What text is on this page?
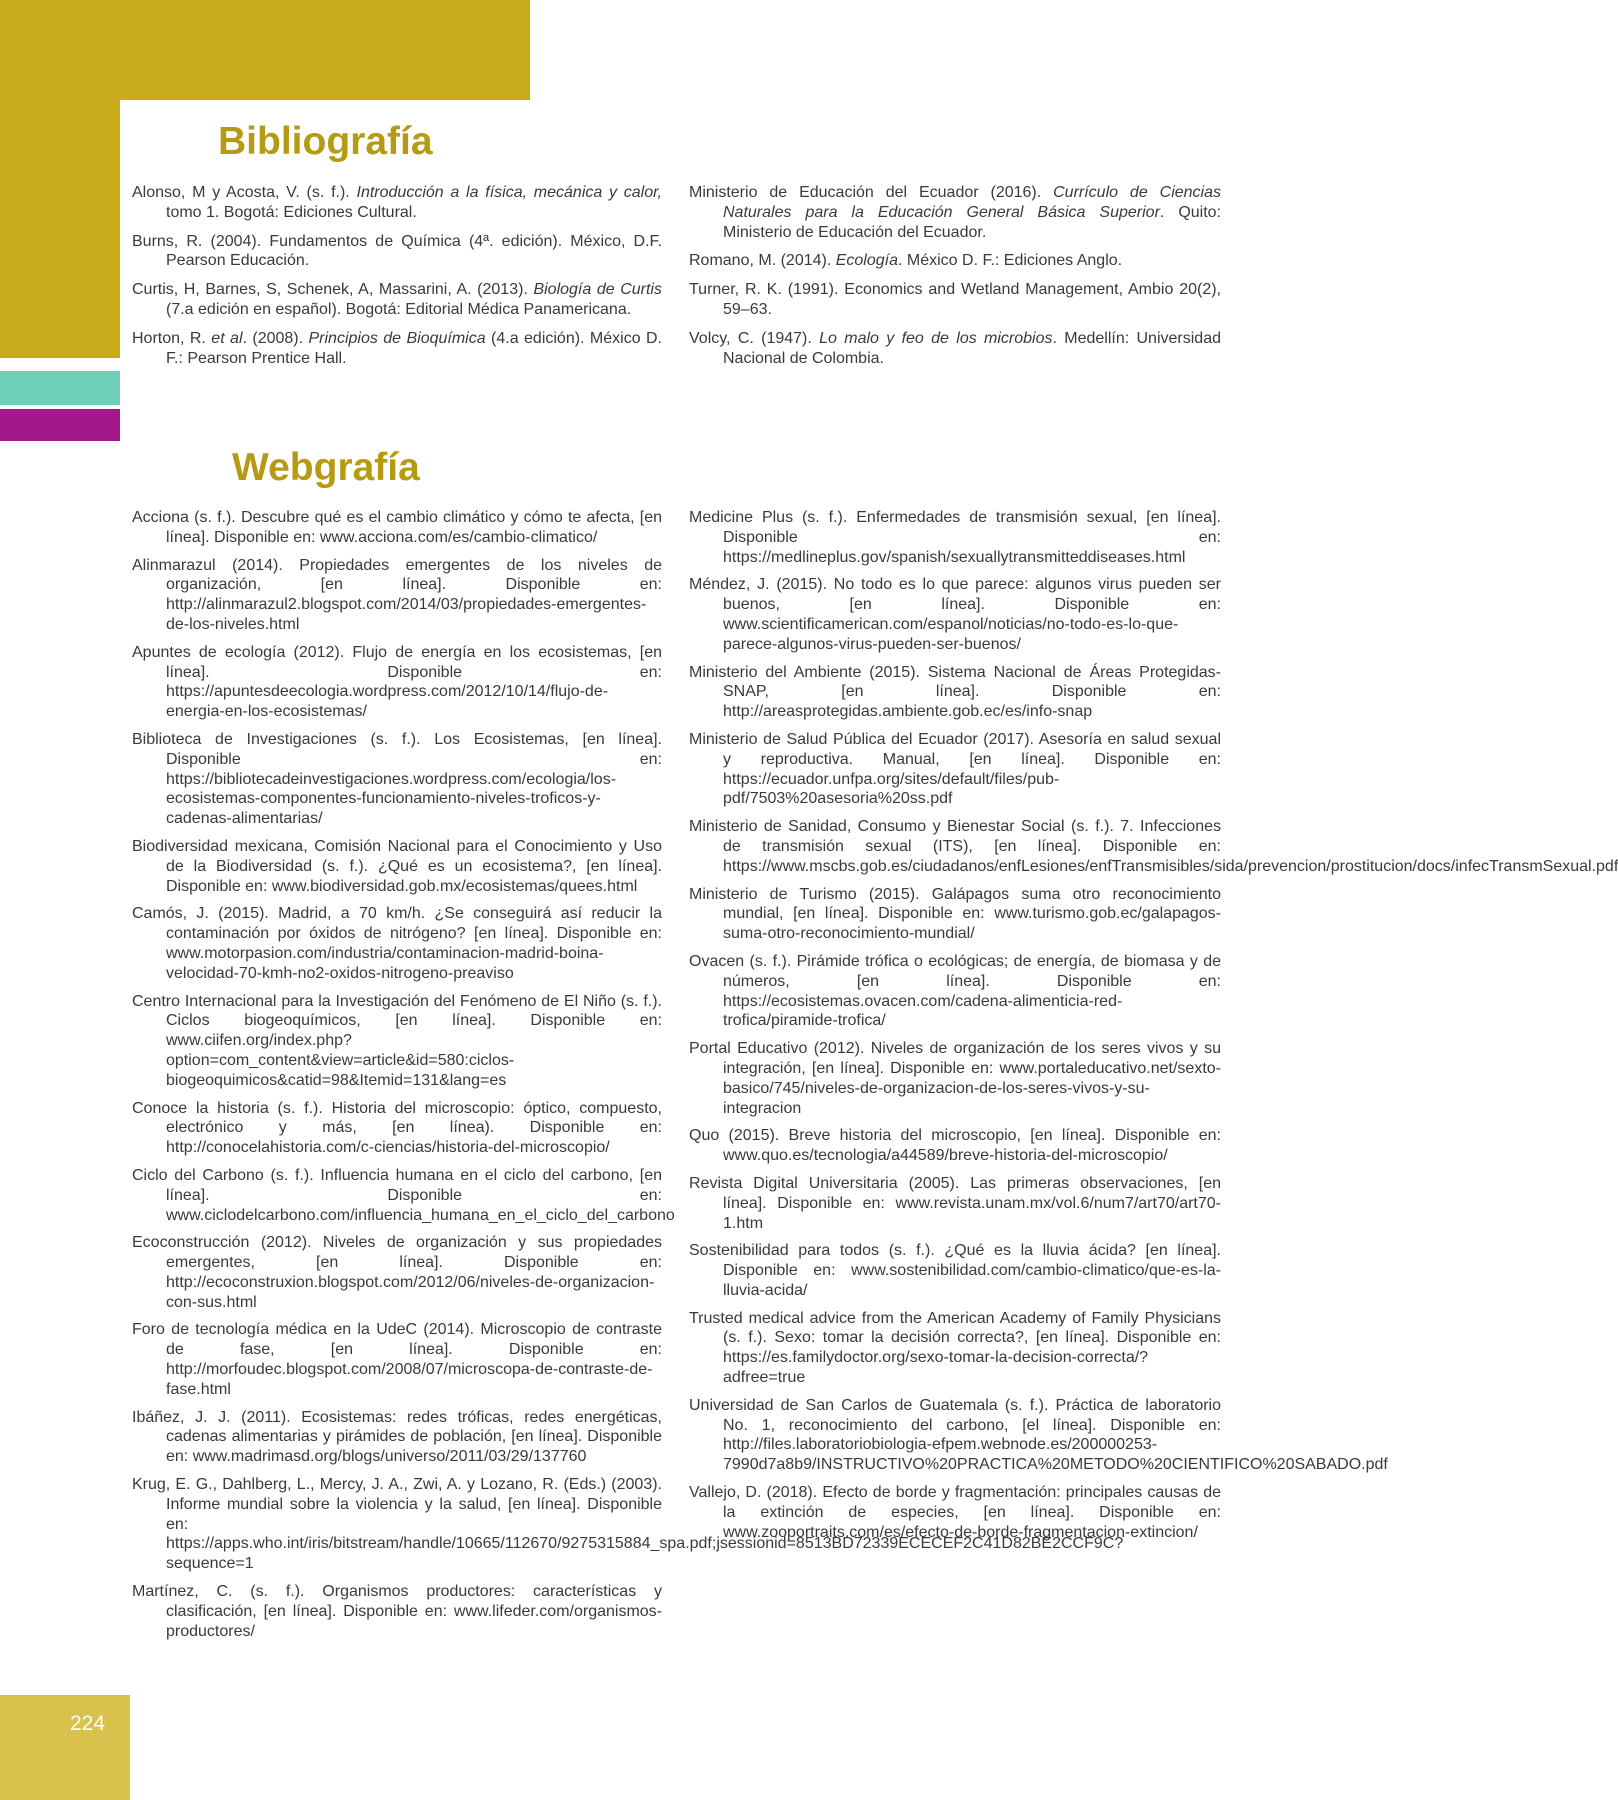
Bibliografía

Alonso, M y Acosta, V. (s. f.). Introducción a la física, mecánica y calor, tomo 1. Bogotá: Ediciones Cultural.

Burns, R. (2004). Fundamentos de Química (4ª. edición). México, D.F. Pearson Educación.

Curtis, H, Barnes, S, Schenek, A, Massarini, A. (2013). Biología de Curtis (7.a edición en español). Bogotá: Editorial Médica Panamericana.

Horton, R. et al. (2008). Principios de Bioquímica (4.a edición). México D. F.: Pearson Prentice Hall.

Ministerio de Educación del Ecuador (2016). Currículo de Ciencias Naturales para la Educación General Básica Superior. Quito: Ministerio de Educación del Ecuador.

Romano, M. (2014). Ecología. México D. F.: Ediciones Anglo.

Turner, R. K. (1991). Economics and Wetland Management, Ambio 20(2), 59–63.

Volcy, C. (1947). Lo malo y feo de los microbios. Medellín: Universidad Nacional de Colombia.

Webgrafía

Acciona (s. f.). Descubre qué es el cambio climático y cómo te afecta, [en línea]. Disponible en: www.acciona.com/es/cambio-climatico/

Alinmarazul (2014). Propiedades emergentes de los niveles de organización, [en línea]. Disponible en: http://alinmarazul2.blogspot.com/2014/03/propiedades-emergentes-de-los-niveles.html

Apuntes de ecología (2012). Flujo de energía en los ecosistemas, [en línea]. Disponible en: https://apuntesdeecologia.wordpress.com/2012/10/14/flujo-de-energia-en-los-ecosistemas/

Biblioteca de Investigaciones (s. f.). Los Ecosistemas, [en línea]. Disponible en: https://bibliotecadeinvestigaciones.wordpress.com/ecologia/los-ecosistemas-componentes-funcionamiento-niveles-troficos-y-cadenas-alimentarias/

Biodiversidad mexicana, Comisión Nacional para el Conocimiento y Uso de la Biodiversidad (s. f.). ¿Qué es un ecosistema?, [en línea]. Disponible en: www.biodiversidad.gob.mx/ecosistemas/quees.html

Camós, J. (2015). Madrid, a 70 km/h. ¿Se conseguirá así reducir la contaminación por óxidos de nitrógeno? [en línea]. Disponible en: www.motorpasion.com/industria/contaminacion-madrid-boina-velocidad-70-kmh-no2-oxidos-nitrogeno-preaviso

Centro Internacional para la Investigación del Fenómeno de El Niño (s. f.). Ciclos biogeoquímicos, [en línea]. Disponible en: www.ciifen.org/index.php?option=com_content&view=article&id=580:ciclos-biogeoquimicos&catid=98&Itemid=131&lang=es

Conoce la historia (s. f.). Historia del microscopio: óptico, compuesto, electrónico y más, [en línea). Disponible en: http://conocelahistoria.com/c-ciencias/historia-del-microscopio/

Ciclo del Carbono (s. f.). Influencia humana en el ciclo del carbono, [en línea]. Disponible en: www.ciclodelcarbono.com/influencia_humana_en_el_ciclo_del_carbono

Ecoconstrucción (2012). Niveles de organización y sus propiedades emergentes, [en línea]. Disponible en: http://ecoconstruxion.blogspot.com/2012/06/niveles-de-organizacion-con-sus.html

Foro de tecnología médica en la UdeC (2014). Microscopio de contraste de fase, [en línea]. Disponible en: http://morfoudec.blogspot.com/2008/07/microscopa-de-contraste-de-fase.html

Ibáñez, J. J. (2011). Ecosistemas: redes tróficas, redes energéticas, cadenas alimentarias y pirámides de población, [en línea]. Disponible en: www.madrimasd.org/blogs/universo/2011/03/29/137760

Krug, E. G., Dahlberg, L., Mercy, J. A., Zwi, A. y Lozano, R. (Eds.) (2003). Informe mundial sobre la violencia y la salud, [en línea]. Disponible en: https://apps.who.int/iris/bitstream/handle/10665/112670/9275315884_spa.pdf;jsessionid=8513BD72339ECECEF2C41D82BE2CCF9C?sequence=1

Martínez, C. (s. f.). Organismos productores: características y clasificación, [en línea]. Disponible en: www.lifeder.com/organismos-productores/

Medicine Plus (s. f.). Enfermedades de transmisión sexual, [en línea]. Disponible en: https://medlineplus.gov/spanish/sexuallytransmitteddiseases.html

Méndez, J. (2015). No todo es lo que parece: algunos virus pueden ser buenos, [en línea]. Disponible en: www.scientificamerican.com/espanol/noticias/no-todo-es-lo-que-parece-algunos-virus-pueden-ser-buenos/

Ministerio del Ambiente (2015). Sistema Nacional de Áreas Protegidas-SNAP, [en línea]. Disponible en: http://areasprotegidas.ambiente.gob.ec/es/info-snap

Ministerio de Salud Pública del Ecuador (2017). Asesoría en salud sexual y reproductiva. Manual, [en línea]. Disponible en: https://ecuador.unfpa.org/sites/default/files/pub-pdf/7503%20asesoria%20ss.pdf

Ministerio de Sanidad, Consumo y Bienestar Social (s. f.). 7. Infecciones de transmisión sexual (ITS), [en línea]. Disponible en: https://www.mscbs.gob.es/ciudadanos/enfLesiones/enfTransmisibles/sida/prevencion/prostitucion/docs/infecTransmSexual.pdf

Ministerio de Turismo (2015). Galápagos suma otro reconocimiento mundial, [en línea]. Disponible en: www.turismo.gob.ec/galapagos-suma-otro-reconocimiento-mundial/

Ovacen (s. f.). Pirámide trófica o ecológicas; de energía, de biomasa y de números, [en línea]. Disponible en: https://ecosistemas.ovacen.com/cadena-alimenticia-red-trofica/piramide-trofica/

Portal Educativo (2012). Niveles de organización de los seres vivos y su integración, [en línea]. Disponible en: www.portaleducativo.net/sexto-basico/745/niveles-de-organizacion-de-los-seres-vivos-y-su-integracion

Quo (2015). Breve historia del microscopio, [en línea]. Disponible en: www.quo.es/tecnologia/a44589/breve-historia-del-microscopio/

Revista Digital Universitaria (2005). Las primeras observaciones, [en línea]. Disponible en: www.revista.unam.mx/vol.6/num7/art70/art70-1.htm

Sostenibilidad para todos (s. f.). ¿Qué es la lluvia ácida? [en línea]. Disponible en: www.sostenibilidad.com/cambio-climatico/que-es-la-lluvia-acida/

Trusted medical advice from the American Academy of Family Physicians (s. f.). Sexo: tomar la decisión correcta?, [en línea]. Disponible en: https://es.familydoctor.org/sexo-tomar-la-decision-correcta/?adfree=true

Universidad de San Carlos de Guatemala (s. f.). Práctica de laboratorio No. 1, reconocimiento del carbono, [el línea]. Disponible en: http://files.laboratoriobiologia-efpem.webnode.es/200000253-7990d7a8b9/INSTRUCTIVO%20PRACTICA%20METODO%20CIENTIFICO%20SABADO.pdf

Vallejo, D. (2018). Efecto de borde y fragmentación: principales causas de la extinción de especies, [en línea]. Disponible en: www.zooportraits.com/es/efecto-de-borde-fragmentacion-extincion/

224
